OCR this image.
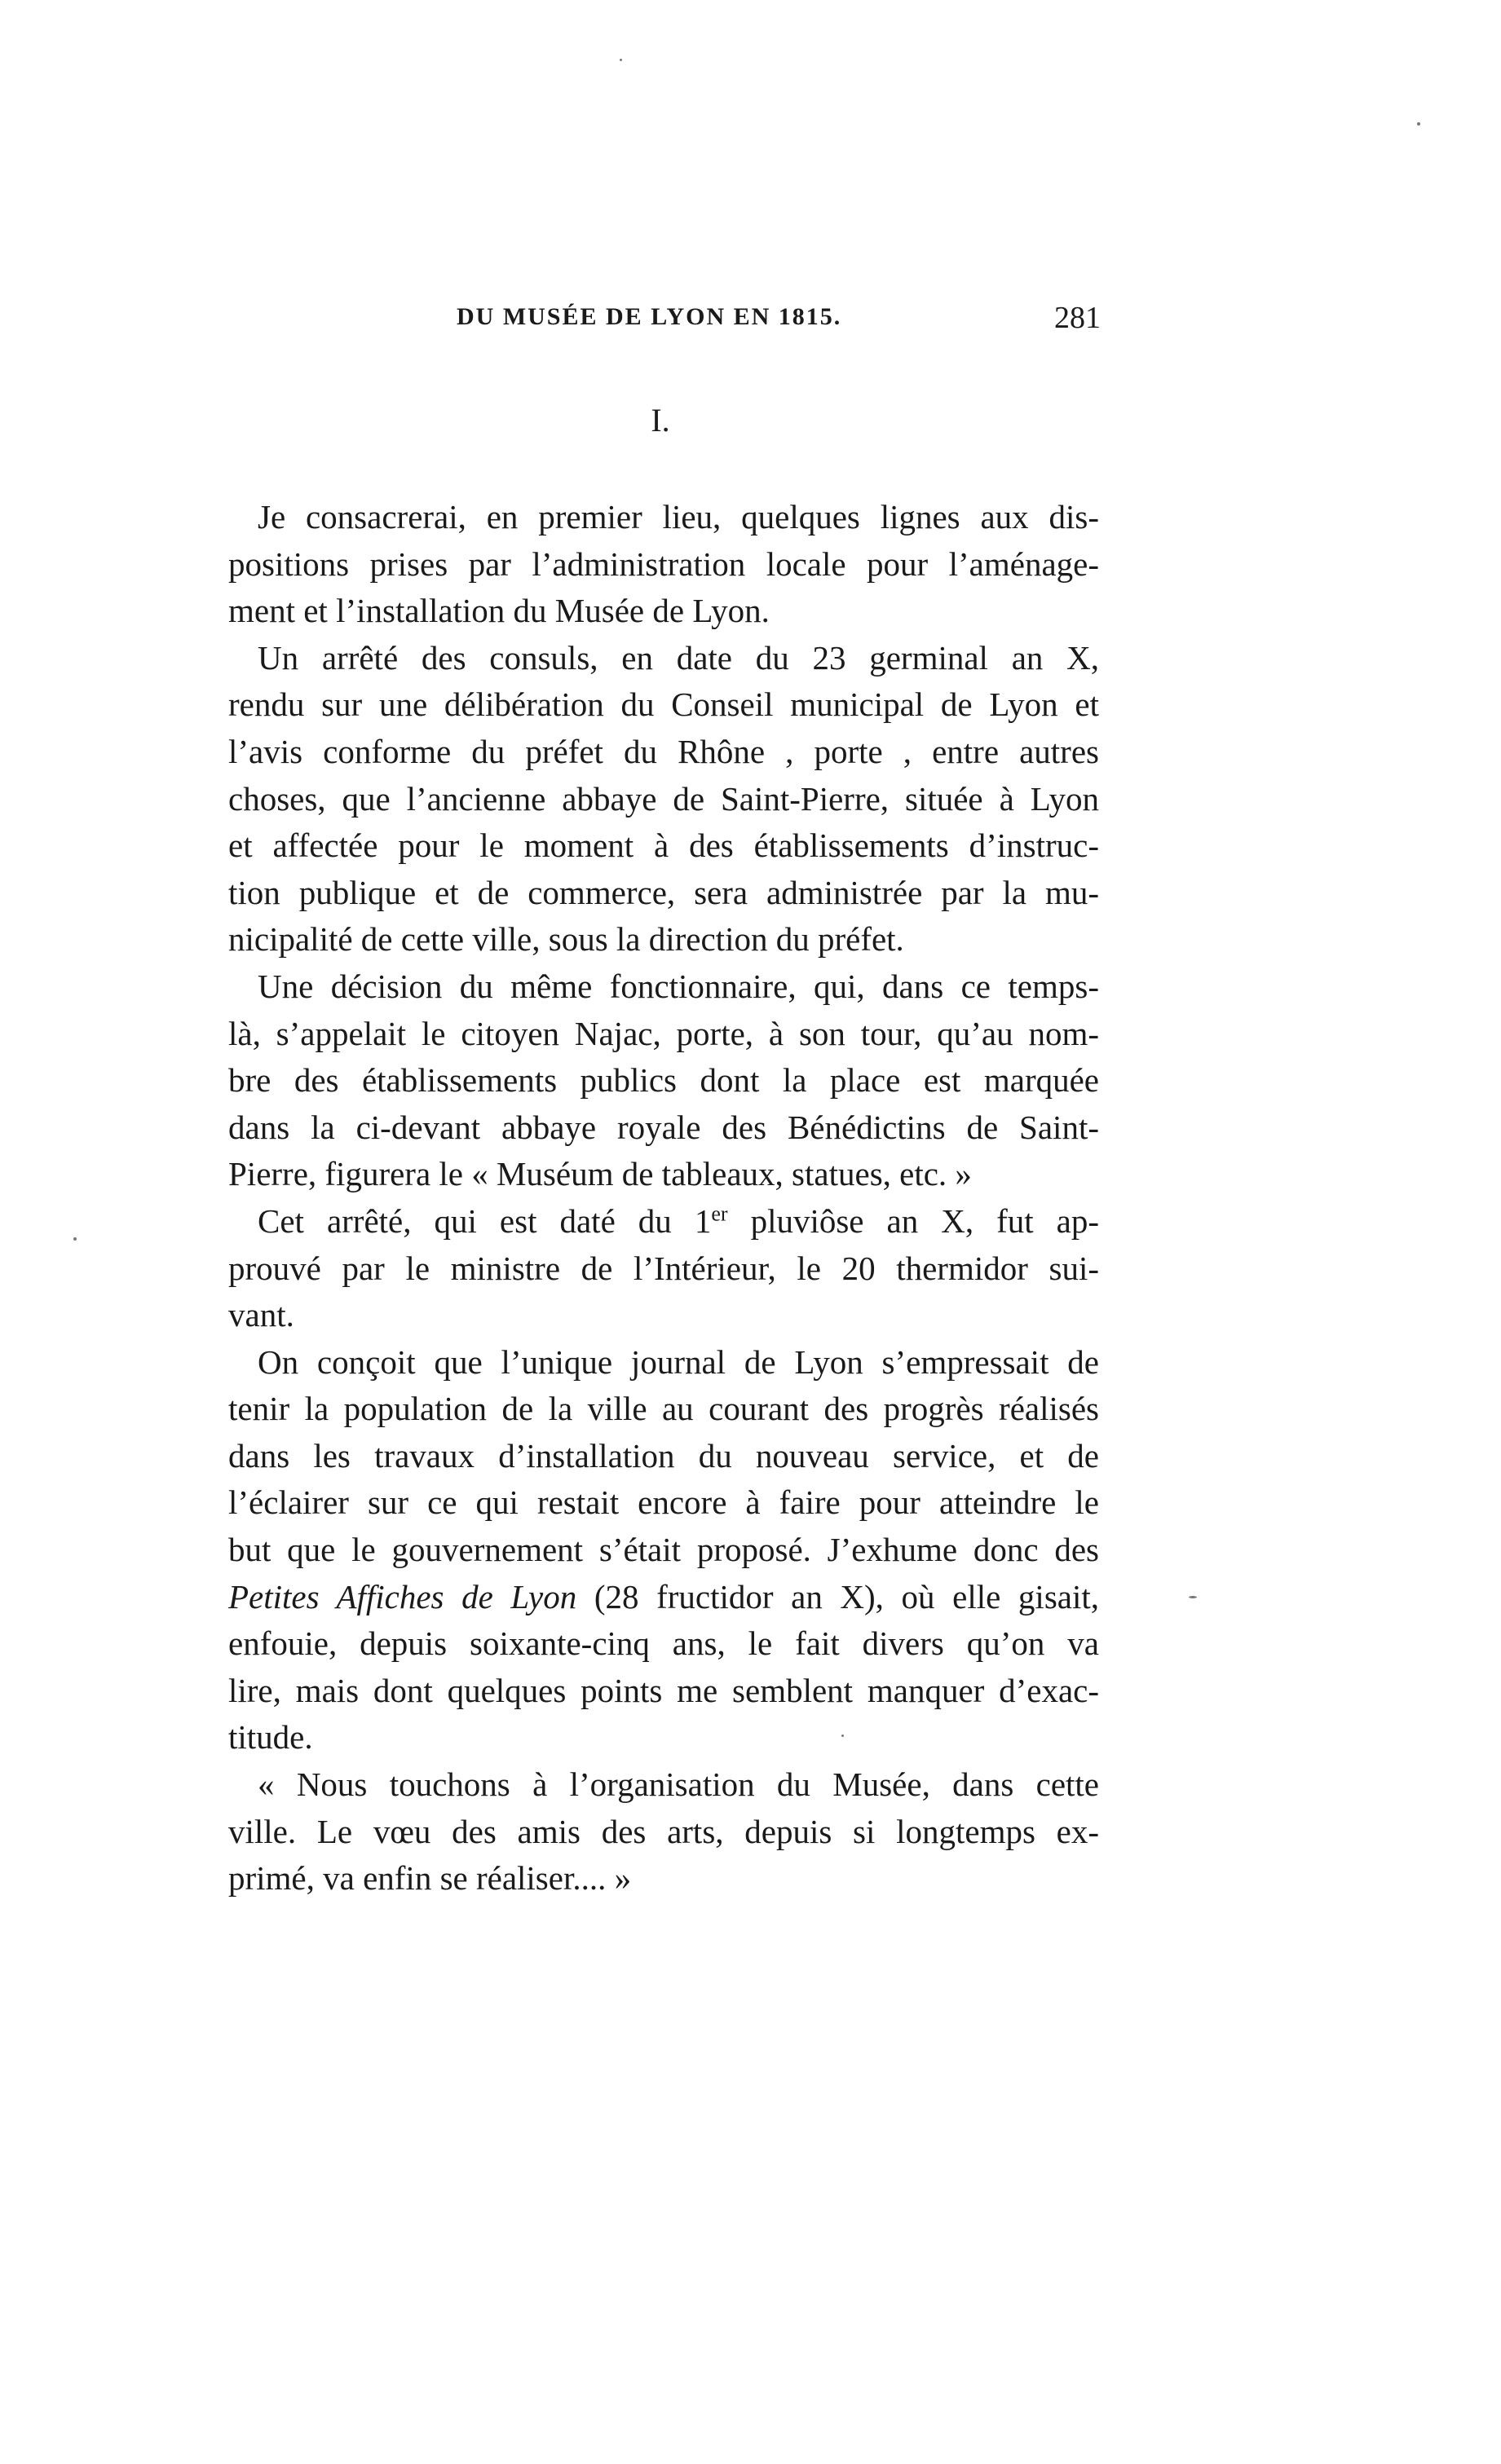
DU MUSÉE DE LYON EN 1815.	281
I.

Je consacrerai, en premier lieu, quelques lignes aux dis-
positions prises par l’administration locale pour l’aménage-
ment et l’installation du Musée de Lyon.

Un arrêté des consuls, en date du 23 germinal an X,
rendu sur une délibération du Conseil municipal de Lyon et
l’avis conforme du préfet du Rhône , porte , entre autres
choses, que l’ancienne abbaye de Saint-Pierre, située à Lyon
et affectée pour le moment à des établissements d’instruc-
tion publique et de commerce, sera administrée par la mu-
nicipalité de cette ville, sous la direction du préfet.

Une décision du même fonctionnaire, qui, dans ce temps-
là, s’appelait le citoyen Najac, porte, à son tour, qu’au nom-
bre des établissements publics dont la place est marquée
dans la ci-devant abbaye royale des Bénédictins de Saint-
Pierre, figurera le « Muséum de tableaux, statues, etc. »

Cet arrêté, qui est daté du 1er pluviôse an X, fut ap-
prouvé par le ministre de l’Intérieur, le 20 thermidor sui-
vant.

On conçoit que l’unique journal de Lyon s’empressait de
tenir la population de la ville au courant des progrès réalisés
dans les travaux d’installation du nouveau service, et de
l’éclairer sur ce qui restait encore à faire pour atteindre le
but que le gouvernement s’était proposé. J’exhume donc des
Petites Affiches de Lyon (28 fructidor an X), où elle gisait,
enfouie, depuis soixante-cinq ans, le fait divers qu’on va
lire, mais dont quelques points me semblent manquer d’exac-
titude.

« Nous touchons à l’organisation du Musée, dans cette
ville. Le vœu des amis des arts, depuis si longtemps ex-
primé, va enfin se réaliser.... »
